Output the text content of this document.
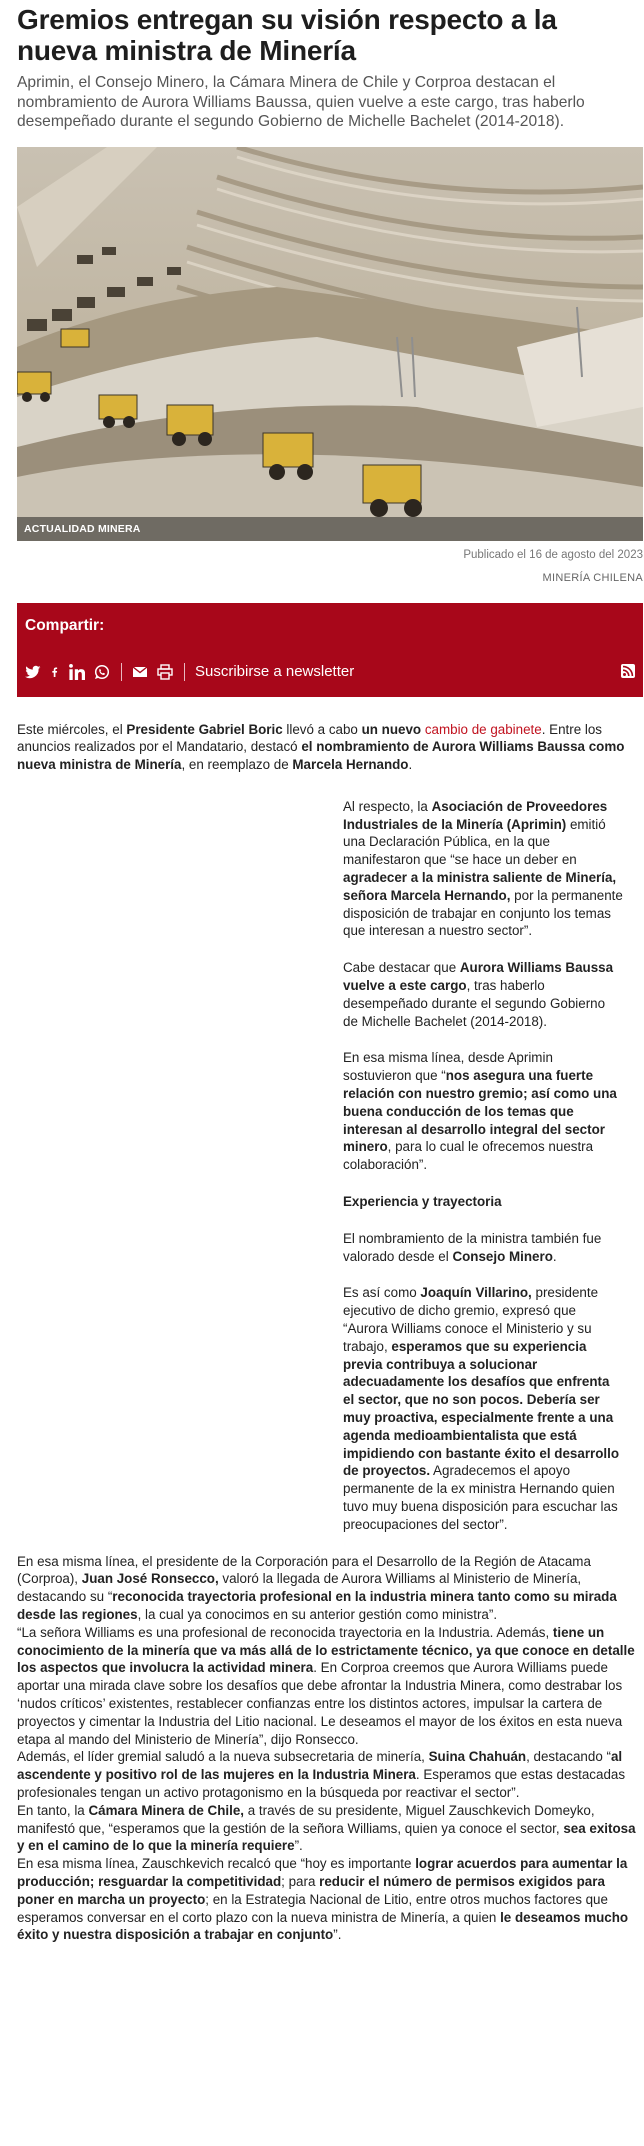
Gremios entregan su visión respecto a la nueva ministra de Minería

Aprimin, el Consejo Minero, la Cámara Minera de Chile y Corproa destacan el nombramiento de Aurora Williams Baussa, quien vuelve a este cargo, tras haberlo desempeñado durante el segundo Gobierno de Michelle Bachelet (2014-2018).

ACTUALIDAD MINERA
Publicado el 16 de agosto del 2023
MINERÍA CHILENA
Compartir:
Suscribirse a newsletter

Este miércoles, el Presidente Gabriel Boric llevó a cabo un nuevo cambio de gabinete. Entre los anuncios realizados por el Mandatario, destacó el nombramiento de Aurora Williams Baussa como nueva ministra de Minería, en reemplazo de Marcela Hernando.

Al respecto, la Asociación de Proveedores Industriales de la Minería (Aprimin) emitió una Declaración Pública, en la que manifestaron que “se hace un deber en agradecer a la ministra saliente de Minería, señora Marcela Hernando, por la permanente disposición de trabajar en conjunto los temas que interesan a nuestro sector”.

Cabe destacar que Aurora Williams Baussa vuelve a este cargo, tras haberlo desempeñado durante el segundo Gobierno de Michelle Bachelet (2014-2018).

En esa misma línea, desde Aprimin sostuvieron que “nos asegura una fuerte relación con nuestro gremio; así como una buena conducción de los temas que interesan al desarrollo integral del sector minero, para lo cual le ofrecemos nuestra colaboración”.

Experiencia y trayectoria

El nombramiento de la ministra también fue valorado desde el Consejo Minero.

Es así como Joaquín Villarino, presidente ejecutivo de dicho gremio, expresó que “Aurora Williams conoce el Ministerio y su trabajo, esperamos que su experiencia previa contribuya a solucionar adecuadamente los desafíos que enfrenta el sector, que no son pocos. Debería ser muy proactiva, especialmente frente a una agenda medioambientalista que está impidiendo con bastante éxito el desarrollo de proyectos. Agradecemos el apoyo permanente de la ex ministra Hernando quien tuvo muy buena disposición para escuchar las preocupaciones del sector”.

En esa misma línea, el presidente de la Corporación para el Desarrollo de la Región de Atacama (Corproa), Juan José Ronsecco, valoró la llegada de Aurora Williams al Ministerio de Minería, destacando su “reconocida trayectoria profesional en la industria minera tanto como su mirada desde las regiones, la cual ya conocimos en su anterior gestión como ministra”.

“La señora Williams es una profesional de reconocida trayectoria en la Industria. Además, tiene un conocimiento de la minería que va más allá de lo estrictamente técnico, ya que conoce en detalle los aspectos que involucra la actividad minera. En Corproa creemos que Aurora Williams puede aportar una mirada clave sobre los desafíos que debe afrontar la Industria Minera, como destrabar los ‘nudos críticos’ existentes, restablecer confianzas entre los distintos actores, impulsar la cartera de proyectos y cimentar la Industria del Litio nacional. Le deseamos el mayor de los éxitos en esta nueva etapa al mando del Ministerio de Minería”, dijo Ronsecco.

Además, el líder gremial saludó a la nueva subsecretaria de minería, Suina Chahuán, destacando “al ascendente y positivo rol de las mujeres en la Industria Minera. Esperamos que estas destacadas profesionales tengan un activo protagonismo en la búsqueda por reactivar el sector”.

En tanto, la Cámara Minera de Chile, a través de su presidente, Miguel Zauschkevich Domeyko, manifestó que, “esperamos que la gestión de la señora Williams, quien ya conoce el sector, sea exitosa y en el camino de lo que la minería requiere”.

En esa misma línea, Zauschkevich recalcó que “hoy es importante lograr acuerdos para aumentar la producción; resguardar la competitividad; para reducir el número de permisos exigidos para poner en marcha un proyecto; en la Estrategia Nacional de Litio, entre otros muchos factores que esperamos conversar en el corto plazo con la nueva ministra de Minería, a quien le deseamos mucho éxito y nuestra disposición a trabajar en conjunto”.
